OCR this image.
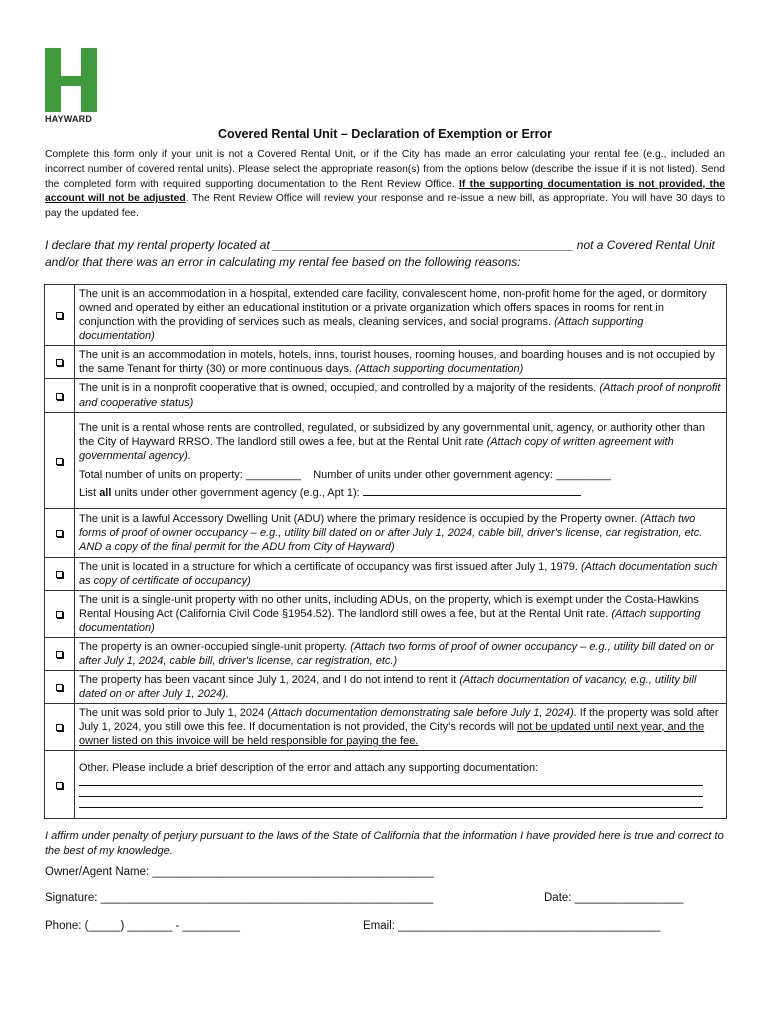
HAYWARD
Covered Rental Unit – Declaration of Exemption or Error
Complete this form only if your unit is not a Covered Rental Unit, or if the City has made an error calculating your rental fee (e.g., included an incorrect number of covered rental units). Please select the appropriate reason(s) from the options below (describe the issue if it is not listed). Send the completed form with required supporting documentation to the Rent Review Office. If the supporting documentation is not provided, the account will not be adjusted. The Rent Review Office will review your response and re-issue a new bill, as appropriate. You will have 30 days to pay the updated fee.
I declare that my rental property located at _____________________________________________ not a Covered Rental Unit and/or that there was an error in calculating my rental fee based on the following reasons:
	The unit is an accommodation in a hospital, extended care facility, convalescent home, non-profit home for the aged, or dormitory owned and operated by either an educational institution or a private organization which offers spaces in rooms for rent in conjunction with the providing of services such as meals, cleaning services, and social programs. (Attach supporting documentation)
	The unit is an accommodation in motels, hotels, inns, tourist houses, rooming houses, and boarding houses and is not occupied by the same Tenant for thirty (30) or more continuous days. (Attach supporting documentation)
	The unit is in a nonprofit cooperative that is owned, occupied, and controlled by a majority of the residents. (Attach proof of nonprofit and cooperative status)
	The unit is a rental whose rents are controlled, regulated, or subsidized by any governmental unit, agency, or authority other than the City of Hayward RRSO. The landlord still owes a fee, but at the Rental Unit rate (Attach copy of written agreement with governmental agency).
Total number of units on property: _________ Number of units under other government agency: _________
List all units under other government agency (e.g., Apt 1):

	The unit is a lawful Accessory Dwelling Unit (ADU) where the primary residence is occupied by the Property owner. (Attach two forms of proof of owner occupancy – e.g., utility bill dated on or after July 1, 2024, cable bill, driver's license, car registration, etc. AND a copy of the final permit for the ADU from City of Hayward)
	The unit is located in a structure for which a certificate of occupancy was first issued after July 1, 1979. (Attach documentation such as copy of certificate of occupancy)
	The unit is a single-unit property with no other units, including ADUs, on the property, which is exempt under the Costa-Hawkins Rental Housing Act (California Civil Code §1954.52). The landlord still owes a fee, but at the Rental Unit rate. (Attach supporting documentation)
	The property is an owner-occupied single-unit property. (Attach two forms of proof of owner occupancy – e.g., utility bill dated on or after July 1, 2024, cable bill, driver's license, car registration, etc.)
	The property has been vacant since July 1, 2024, and I do not intend to rent it (Attach documentation of vacancy, e.g., utility bill dated on or after July 1, 2024).
	The unit was sold prior to July 1, 2024 (Attach documentation demonstrating sale before July 1, 2024). If the property was sold after July 1, 2024, you still owe this fee. If documentation is not provided, the City's records will not be updated until next year, and the owner listed on this invoice will be held responsible for paying the fee.
	Other. Please include a brief description of the error and attach any supporting documentation:
I affirm under penalty of perjury pursuant to the laws of the State of California that the information I have provided here is true and correct to the best of my knowledge.
Owner/Agent Name: ____________________________________________
Signature: ____________________________________________________	Date: _________________
Phone: (_____) _______ - _________	Email: _________________________________________
